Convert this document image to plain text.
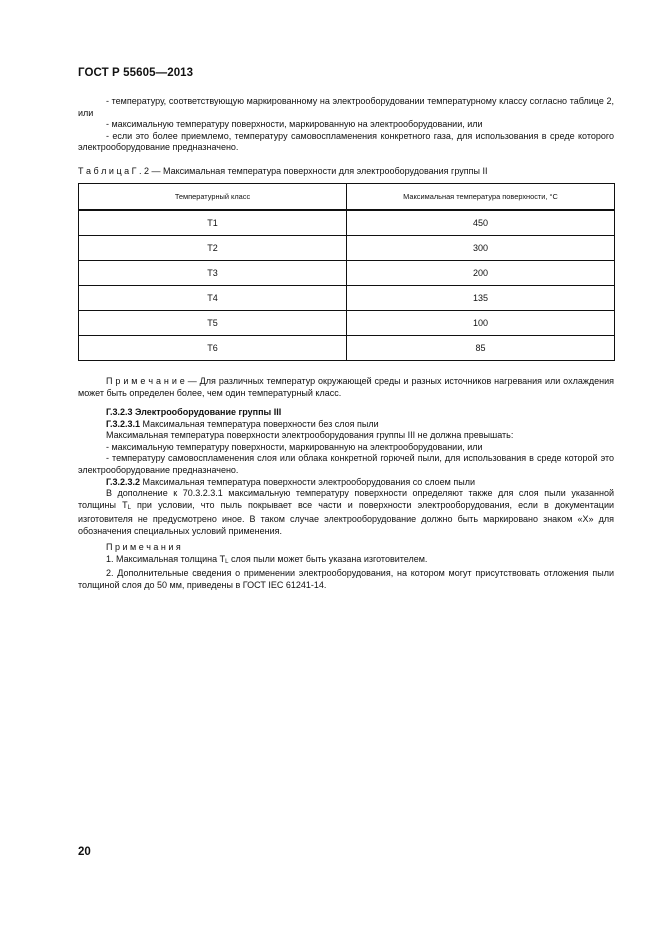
ГОСТ Р 55605—2013

- температуру, соответствующую маркированному на электрооборудовании температурному классу согласно таблице 2, или

- максимальную температуру поверхности, маркированную на электрооборудовании, или

- если это более приемлемо, температуру самовоспламенения конкретного газа, для использования в среде которого электрооборудование предназначено.

Т а б л и ц а Г . 2 — Максимальная температура поверхности для электрооборудования группы II
Температурный класс	Максимальная температура поверхности, °С
Т1	450
Т2	300
Т3	200
Т4	135
Т5	100
Т6	85

П р и м е ч а н и е — Для различных температур окружающей среды и разных источников нагревания или охлаждения может быть определен более, чем один температурный класс.

Г.3.2.3 Электрооборудование группы III

Г.3.2.3.1 Максимальная температура поверхности без слоя пыли

Максимальная температура поверхности электрооборудования группы III не должна превышать:

- максимальную температуру поверхности, маркированную на электрооборудовании, или

- температуру самовоспламенения слоя или облака конкретной горючей пыли, для использования в среде которой это электрооборудование предназначено.

Г.3.2.3.2 Максимальная температура поверхности электрооборудования со слоем пыли

В дополнение к 70.3.2.3.1 максимальную температуру поверхности определяют также для слоя пыли указанной толщины $Т_L$ при условии, что пыль покрывает все части и поверхности электрооборудования, если в документации изготовителя не предусмотрено иное. В таком случае электрооборудование должно быть маркировано знаком «Х» для обозначения специальных условий применения.

П р и м е ч а н и я

1. Максимальная толщина $Т_L$ слоя пыли может быть указана изготовителем.

2. Дополнительные сведения о применении электрооборудования, на котором могут присутствовать отложения пыли толщиной слоя до 50 мм, приведены в ГОСТ IEC 61241-14.

20
